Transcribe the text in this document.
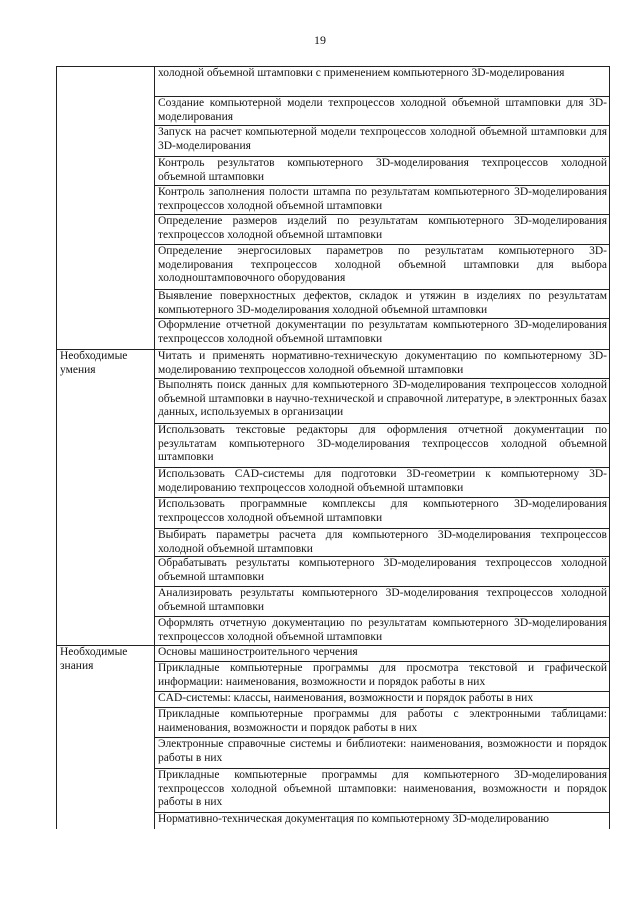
19
	холодной объемной штамповки с применением компьютерного 3D-моделирования
	Создание компьютерной модели техпроцессов холодной объемной штамповки для 3D-моделирования
	Запуск на расчет компьютерной модели техпроцессов холодной объемной штамповки для 3D-моделирования
	Контроль результатов компьютерного 3D-моделирования техпроцессов холодной объемной штамповки
	Контроль заполнения полости штампа по результатам компьютерного 3D-моделирования техпроцессов холодной объемной штамповки
	Определение размеров изделий по результатам компьютерного 3D-моделирования техпроцессов холодной объемной штамповки
	Определение энергосиловых параметров по результатам компьютерного 3D-моделирования техпроцессов холодной объемной штамповки для выбора холодноштамповочного оборудования
	Выявление поверхностных дефектов, складок и утяжин в изделиях по результатам компьютерного 3D-моделирования холодной объемной штамповки
	Оформление отчетной документации по результатам компьютерного 3D-моделирования техпроцессов холодной объемной штамповки
Необходимые умения	Читать и применять нормативно-техническую документацию по компьютерному 3D-моделированию техпроцессов холодной объемной штамповки
	Выполнять поиск данных для компьютерного 3D-моделирования техпроцессов холодной объемной штамповки в научно-технической и справочной литературе, в электронных базах данных, используемых в организации
	Использовать текстовые редакторы для оформления отчетной документации по результатам компьютерного 3D-моделирования техпроцессов холодной объемной штамповки
	Использовать CAD-системы для подготовки 3D-геометрии к компьютерному 3D-моделированию техпроцессов холодной объемной штамповки
	Использовать программные комплексы для компьютерного 3D-моделирования техпроцессов холодной объемной штамповки
	Выбирать параметры расчета для компьютерного 3D-моделирования техпроцессов холодной объемной штамповки
	Обрабатывать результаты компьютерного 3D-моделирования техпроцессов холодной объемной штамповки
	Анализировать результаты компьютерного 3D-моделирования техпроцессов холодной объемной штамповки
	Оформлять отчетную документацию по результатам компьютерного 3D-моделирования техпроцессов холодной объемной штамповки
Необходимые знания	Основы машиностроительного черчения
	Прикладные компьютерные программы для просмотра текстовой и графической информации: наименования, возможности и порядок работы в них
	CAD-системы: классы, наименования, возможности и порядок работы в них
	Прикладные компьютерные программы для работы с электронными таблицами: наименования, возможности и порядок работы в них
	Электронные справочные системы и библиотеки: наименования, возможности и порядок работы в них
	Прикладные компьютерные программы для компьютерного 3D-моделирования техпроцессов холодной объемной штамповки: наименования, возможности и порядок работы в них
	Нормативно-техническая документация по компьютерному 3D-моделированию
